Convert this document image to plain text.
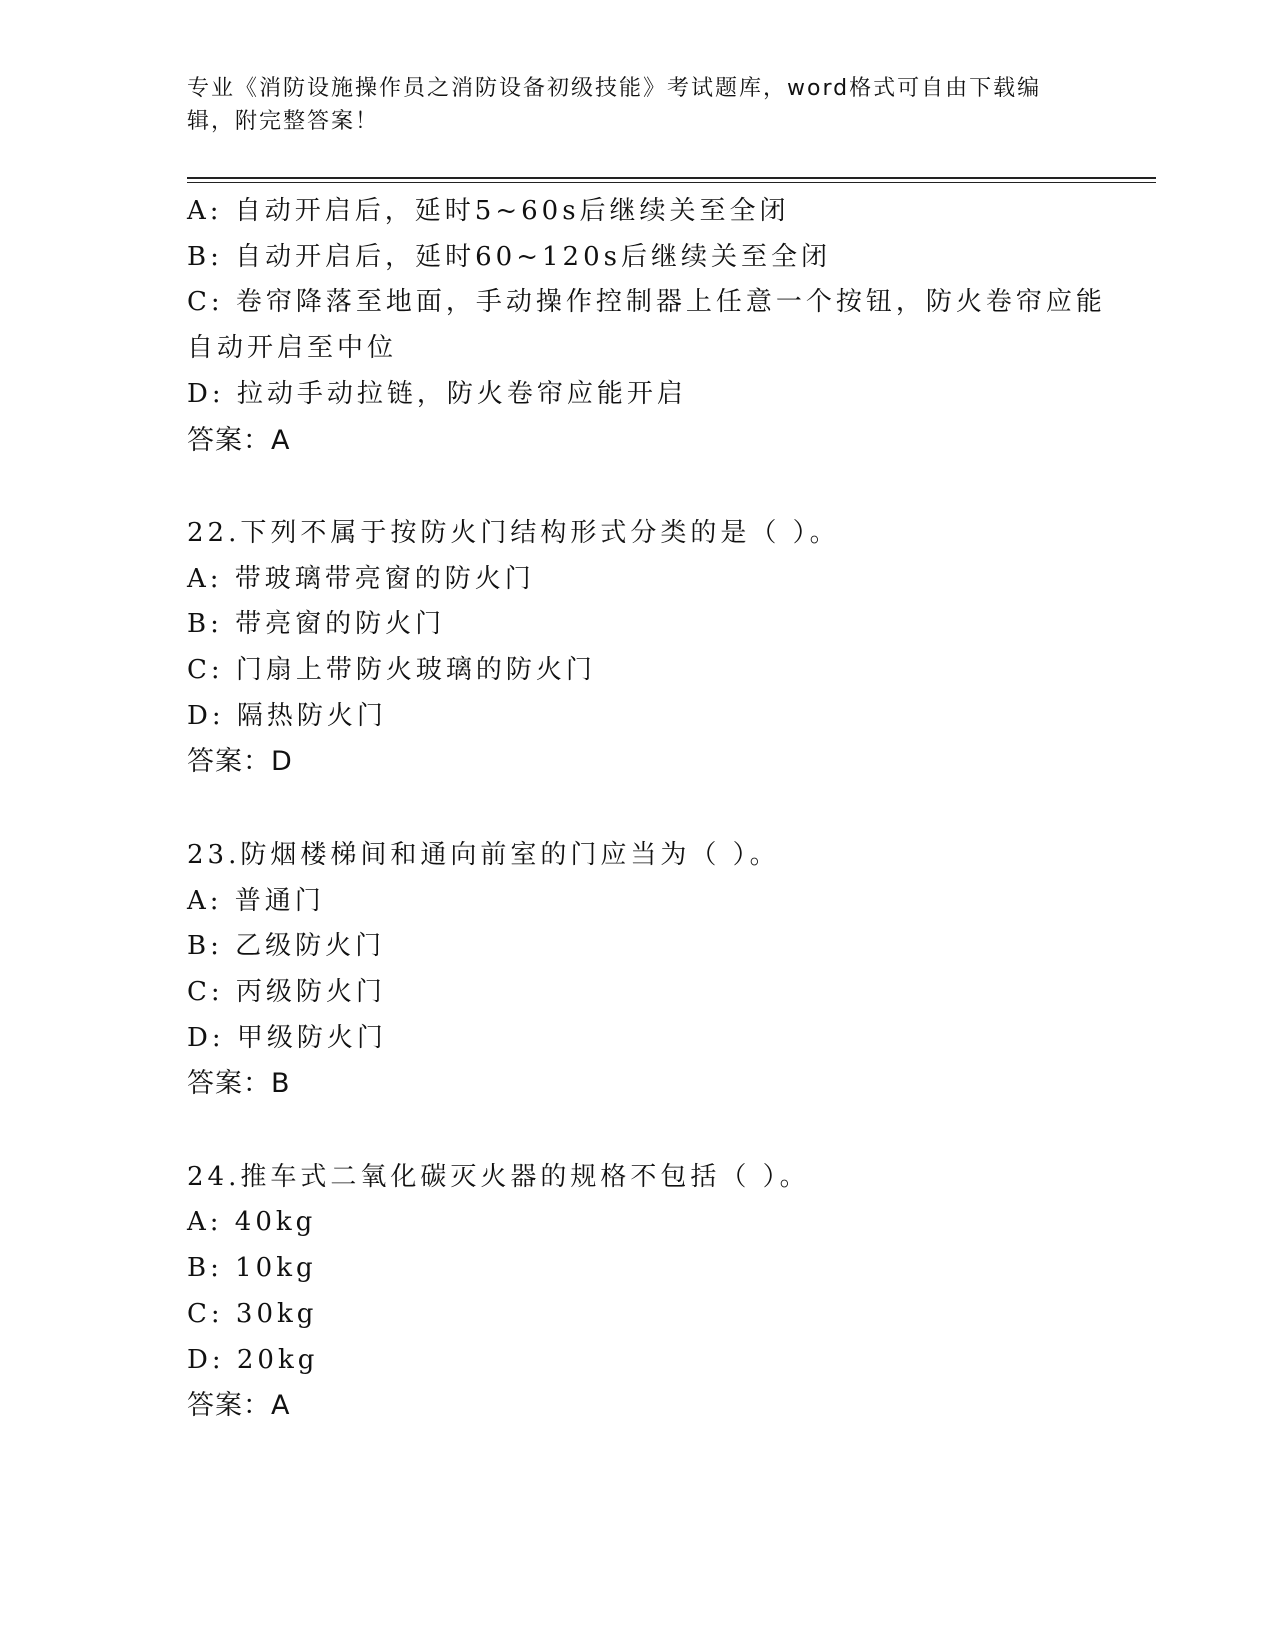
专业《消防设施操作员之消防设备初级技能》考试题库，word格式可自由下载编
辑，附完整答案！
A: 自动开启后，延时5~60s后继续关至全闭
B: 自动开启后，延时60~120s后继续关至全闭
C: 卷帘降落至地面，手动操作控制器上任意一个按钮，防火卷帘应能
自动开启至中位
D: 拉动手动拉链，防火卷帘应能开启
答案：A
22.下列不属于按防火门结构形式分类的是（ ）。
A: 带玻璃带亮窗的防火门
B: 带亮窗的防火门
C: 门扇上带防火玻璃的防火门
D: 隔热防火门
答案：D
23.防烟楼梯间和通向前室的门应当为（ ）。
A: 普通门
B: 乙级防火门
C: 丙级防火门
D: 甲级防火门
答案：B
24.推车式二氧化碳灭火器的规格不包括（ ）。
A: 40kg
B: 10kg
C: 30kg
D: 20kg
答案：A
